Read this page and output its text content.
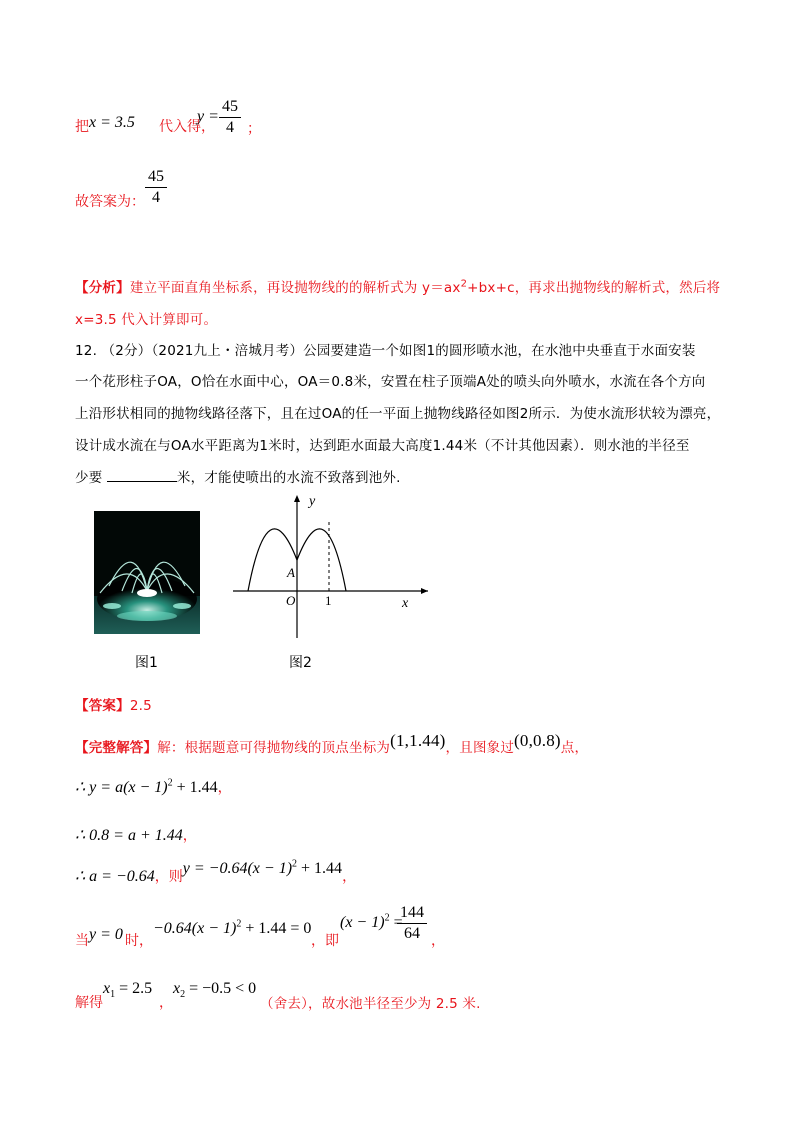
把 x = 3.5 代入得，
$y = \frac{45}{4}$ ；
故答案为： $\frac{45}{4}$
【分析】建立平面直角坐标系，再设抛物线的的解析式为 $y=ax^2+bx+c$，再求出抛物线的解析式，然后将
x=3.5 代入计算即可。
12. （2分）（2021九上・涪城月考）公园要建造一个如图1的圆形喷水池，在水池中央垂直于水面安装
一个花形柱子OA，O恰在水面中心，OA＝0.8米，安置在柱子顶端A处的喷头向外喷水，水流在各个方向
上沿形状相同的抛物线路径落下，且在过OA的任一平面上抛物线路径如图2所示．为使水流形状较为漂亮，
设计成水流在与OA水平距离为1米时，达到距水面最大高度1.44米（不计其他因素）．则水池的半径至
少要	米，才能使喷出的水流不致落到池外.
图1
y
x
A
O 1
图2
【答案】2.5
【完整解答】解：根据题意可得抛物线的顶点坐标为(1,1.44)，且图象过(0,0.8)点，
∴ $y = a(x - 1)^2 + 1.44$，
∴ 0.8 = a + 1.44，
∴ a = −0.64，则$y = -0.64(x - 1)^2 + 1.44$，
当 y = 0 时，
$-0.64(x - 1)^2 + 1.44 = 0$
，即
$(x - 1)^2$ =
$\frac{144}{64}$ ，
解得
$x_1 = 2.5$
，
$x_2 = -0.5 < 0$
（舍去），故水池半径至少为 2.5 米.
